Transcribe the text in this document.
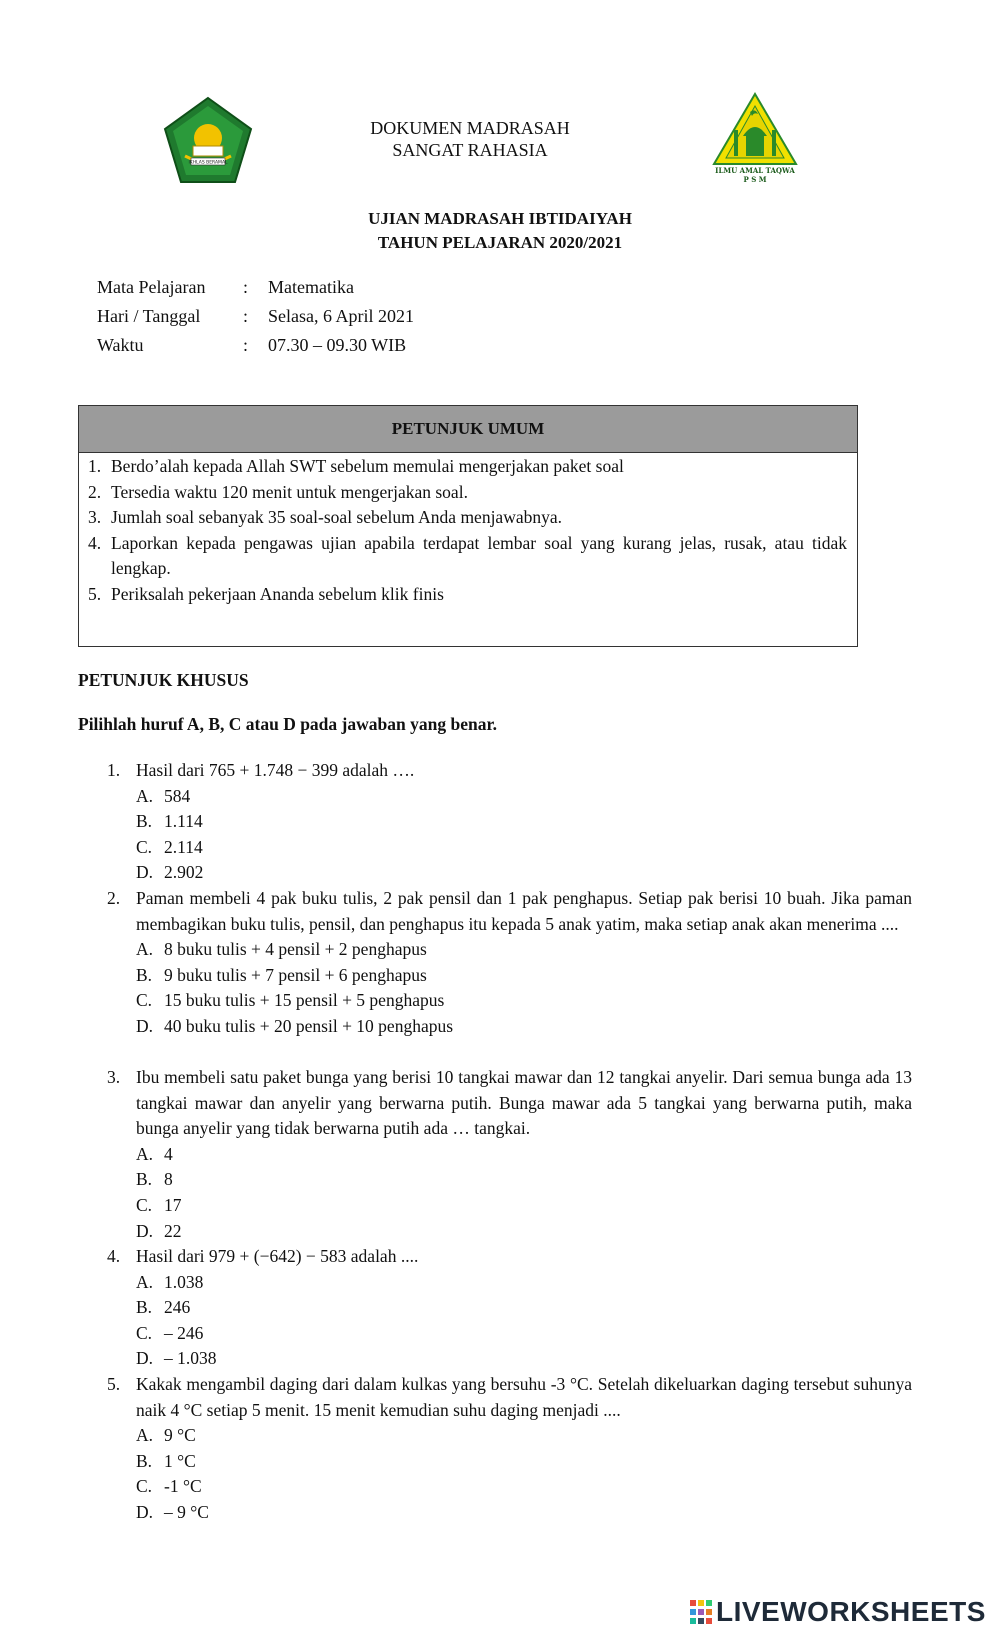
IKHLAS BERAMAL
DOKUMEN MADRASAH
SANGAT RAHASIA
ILMU AMAL TAQWA
P S M
UJIAN MADRASAH IBTIDAIYAH
TAHUN PELAJARAN 2020/2021
Mata Pelajaran : Matematika
Hari / Tanggal : Selasa, 6 April 2021
Waktu	: 07.30 – 09.30 WIB
PETUNJUK UMUM
1. Berdo’alah kepada Allah SWT sebelum memulai mengerjakan paket soal
2. Tersedia waktu 120 menit untuk mengerjakan soal.
3. Jumlah soal sebanyak 35 soal-soal sebelum Anda menjawabnya.
4. Laporkan kepada pengawas ujian apabila terdapat lembar soal yang kurang jelas, rusak, atau tidak lengkap.
5. Periksalah pekerjaan Ananda sebelum klik finis
PETUNJUK KHUSUS
Pilihlah huruf A, B, C atau D pada jawaban yang benar.
1. Hasil dari 765 + 1.748 − 399 adalah ….
A. 584
B. 1.114
C. 2.114
D. 2.902
2. Paman membeli 4 pak buku tulis, 2 pak pensil dan 1 pak penghapus. Setiap pak berisi 10 buah. Jika paman membagikan buku tulis, pensil, dan penghapus itu kepada 5 anak yatim, maka setiap anak akan menerima ....
A. 8 buku tulis + 4 pensil + 2 penghapus
B. 9 buku tulis + 7 pensil + 6 penghapus
C. 15 buku tulis + 15 pensil + 5 penghapus
D. 40 buku tulis + 20 pensil + 10 penghapus
3. Ibu membeli satu paket bunga yang berisi 10 tangkai mawar dan 12 tangkai anyelir. Dari semua bunga ada 13 tangkai mawar dan anyelir yang berwarna putih. Bunga mawar ada 5 tangkai yang berwarna putih, maka bunga anyelir yang tidak berwarna putih ada … tangkai.
A. 4
B. 8
C. 17
D. 22
4. Hasil dari 979 + (−642) − 583 adalah ....
A. 1.038
B. 246
C. – 246
D. – 1.038
5. Kakak mengambil daging dari dalam kulkas yang bersuhu -3 °C. Setelah dikeluarkan daging tersebut suhunya naik 4 °C setiap 5 menit. 15 menit kemudian suhu daging menjadi ....
A. 9 °C
B. 1 °C
C. -1 °C
D. – 9 °C
LIVEWORKSHEETS
